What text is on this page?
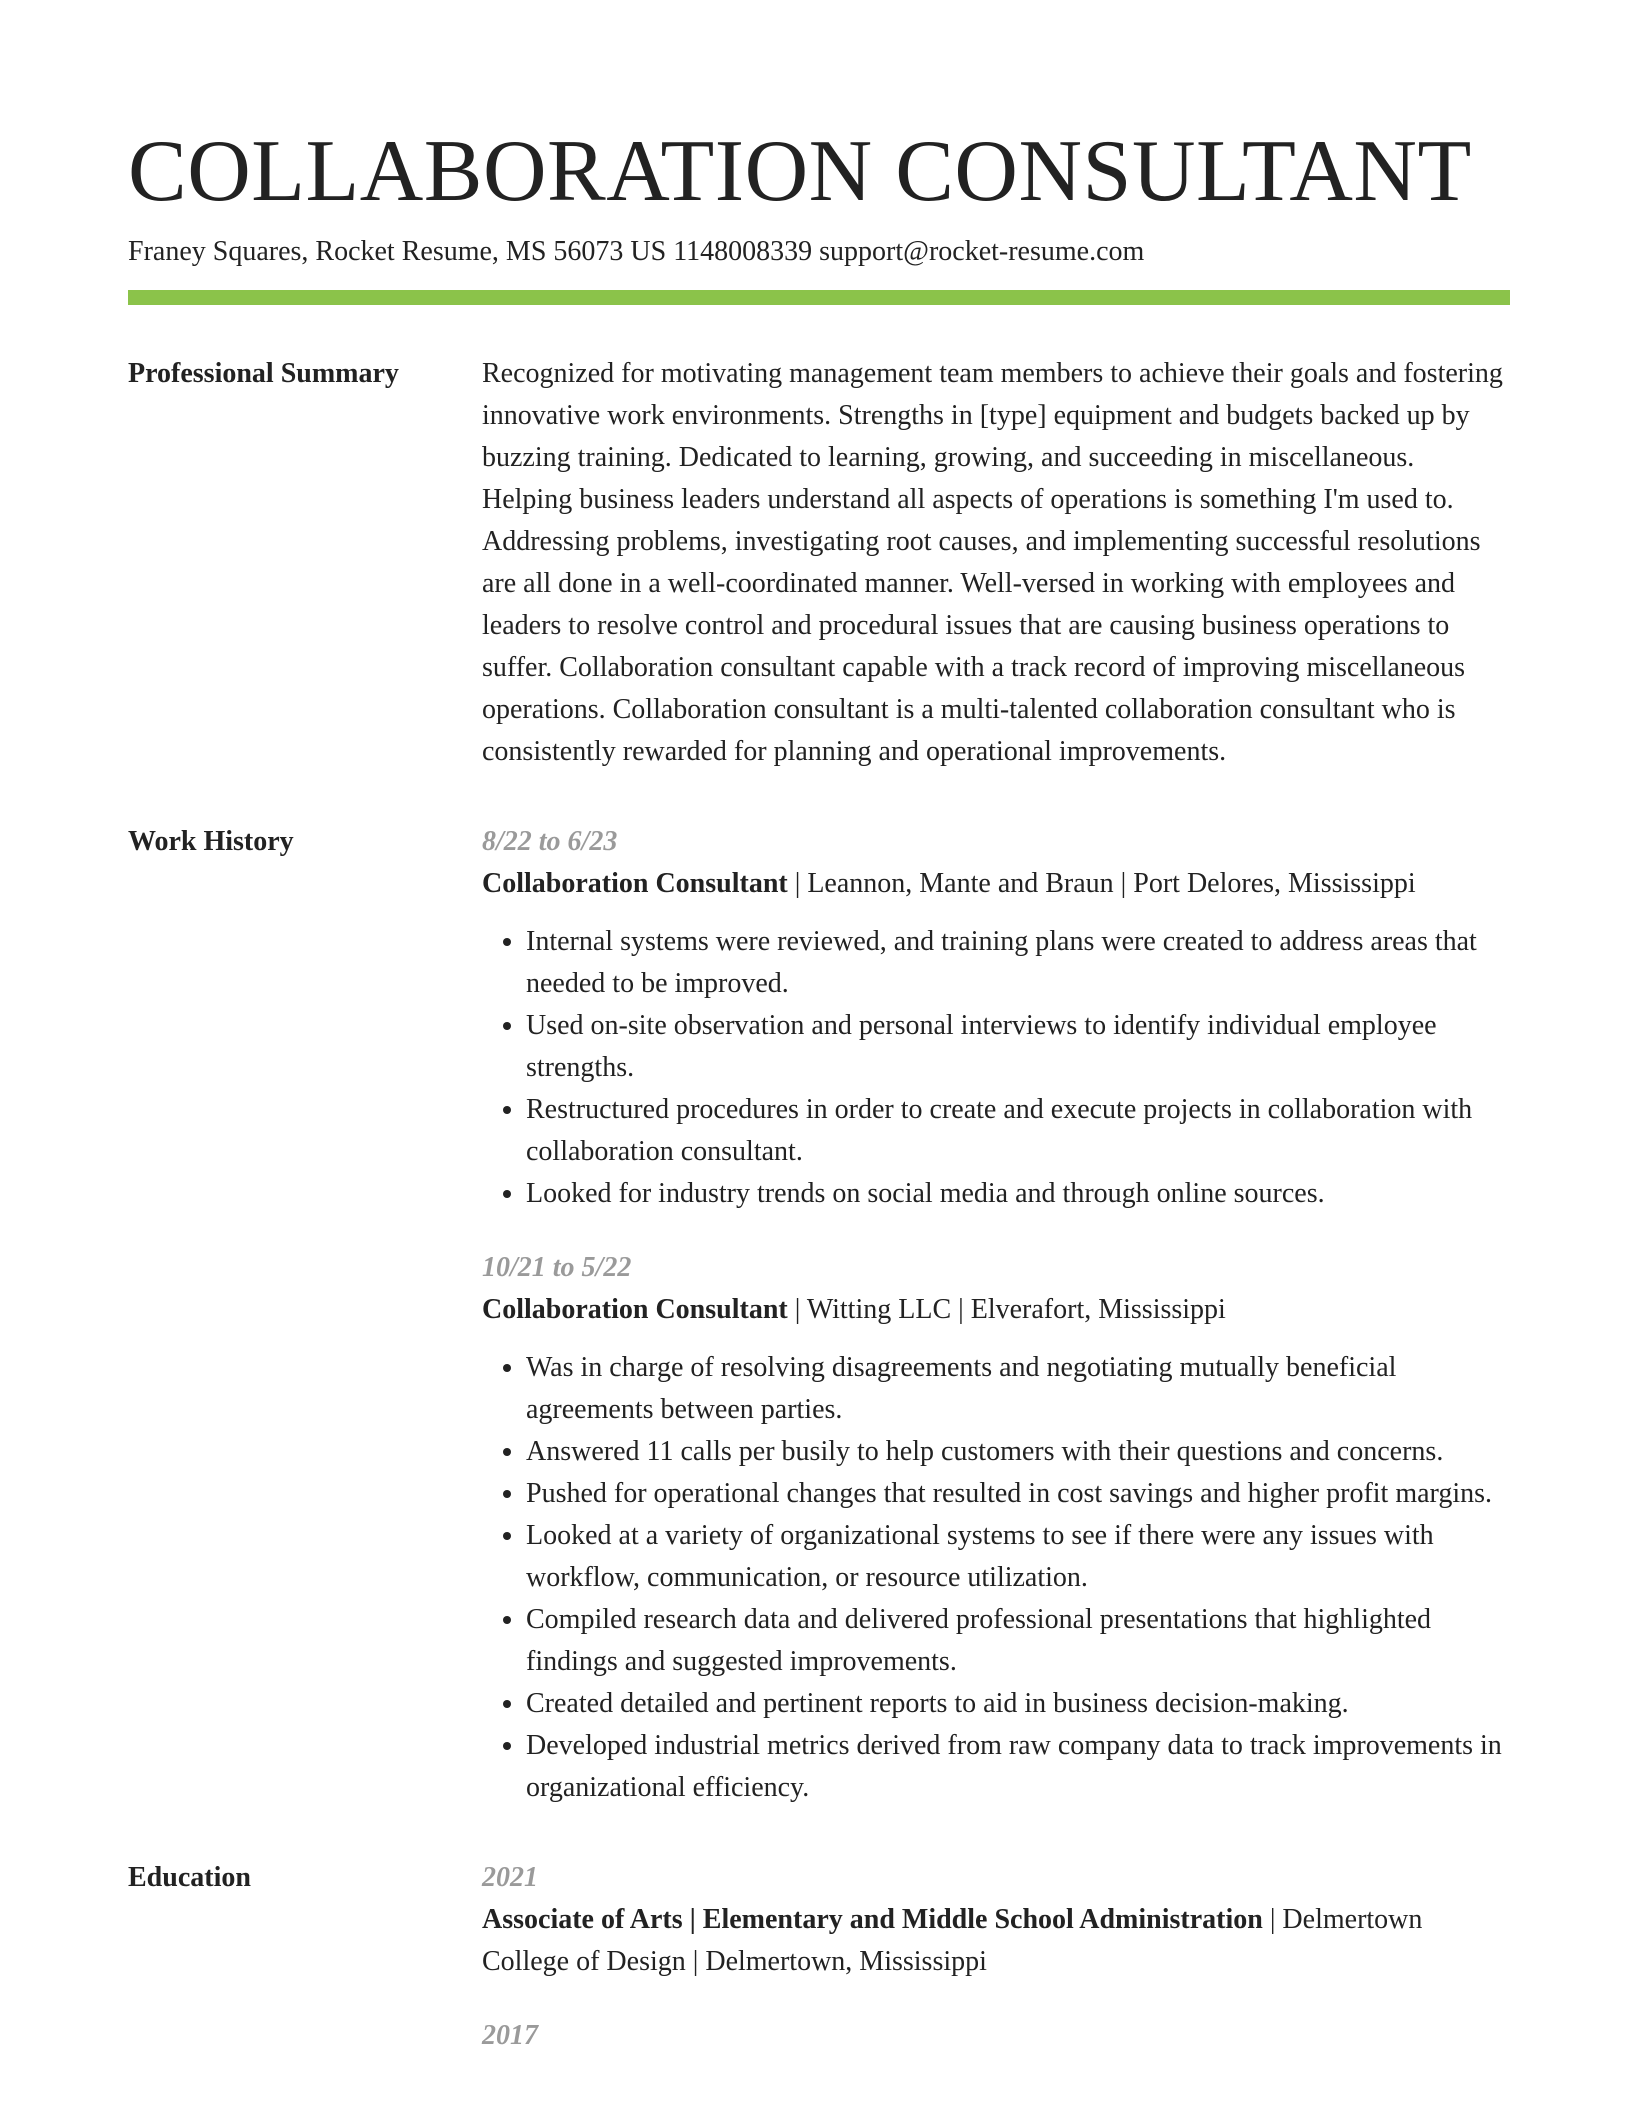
COLLABORATION CONSULTANT
Franey Squares, Rocket Resume, MS 56073 US 1148008339 support@rocket-resume.com
Professional Summary	Recognized for motivating management team members to achieve their goals and fostering innovative work environments. Strengths in [type] equipment and budgets backed up by buzzing training. Dedicated to learning, growing, and succeeding in miscellaneous. Helping business leaders understand all aspects of operations is something I'm used to. Addressing problems, investigating root causes, and implementing successful resolutions are all done in a well-coordinated manner. Well-versed in working with employees and leaders to resolve control and procedural issues that are causing business operations to suffer. Collaboration consultant capable with a track record of improving miscellaneous operations. Collaboration consultant is a multi-talented collaboration consultant who is consistently rewarded for planning and operational improvements.

Work History	8/22 to 6/23
Collaboration Consultant | Leannon, Mante and Braun | Port Delores, Mississippi
• Internal systems were reviewed, and training plans were created to address areas that needed to be improved.
• Used on-site observation and personal interviews to identify individual employee strengths.
• Restructured procedures in order to create and execute projects in collaboration with collaboration consultant.
• Looked for industry trends on social media and through online sources.
10/21 to 5/22
Collaboration Consultant | Witting LLC | Elverafort, Mississippi
• Was in charge of resolving disagreements and negotiating mutually beneficial agreements between parties.
• Answered 11 calls per busily to help customers with their questions and concerns.
• Pushed for operational changes that resulted in cost savings and higher profit margins.
• Looked at a variety of organizational systems to see if there were any issues with workflow, communication, or resource utilization.
• Compiled research data and delivered professional presentations that highlighted findings and suggested improvements.
• Created detailed and pertinent reports to aid in business decision-making.
• Developed industrial metrics derived from raw company data to track improvements in organizational efficiency.
Education	2021
Associate of Arts | Elementary and Middle School Administration | Delmertown College of Design | Delmertown, Mississippi
2017
